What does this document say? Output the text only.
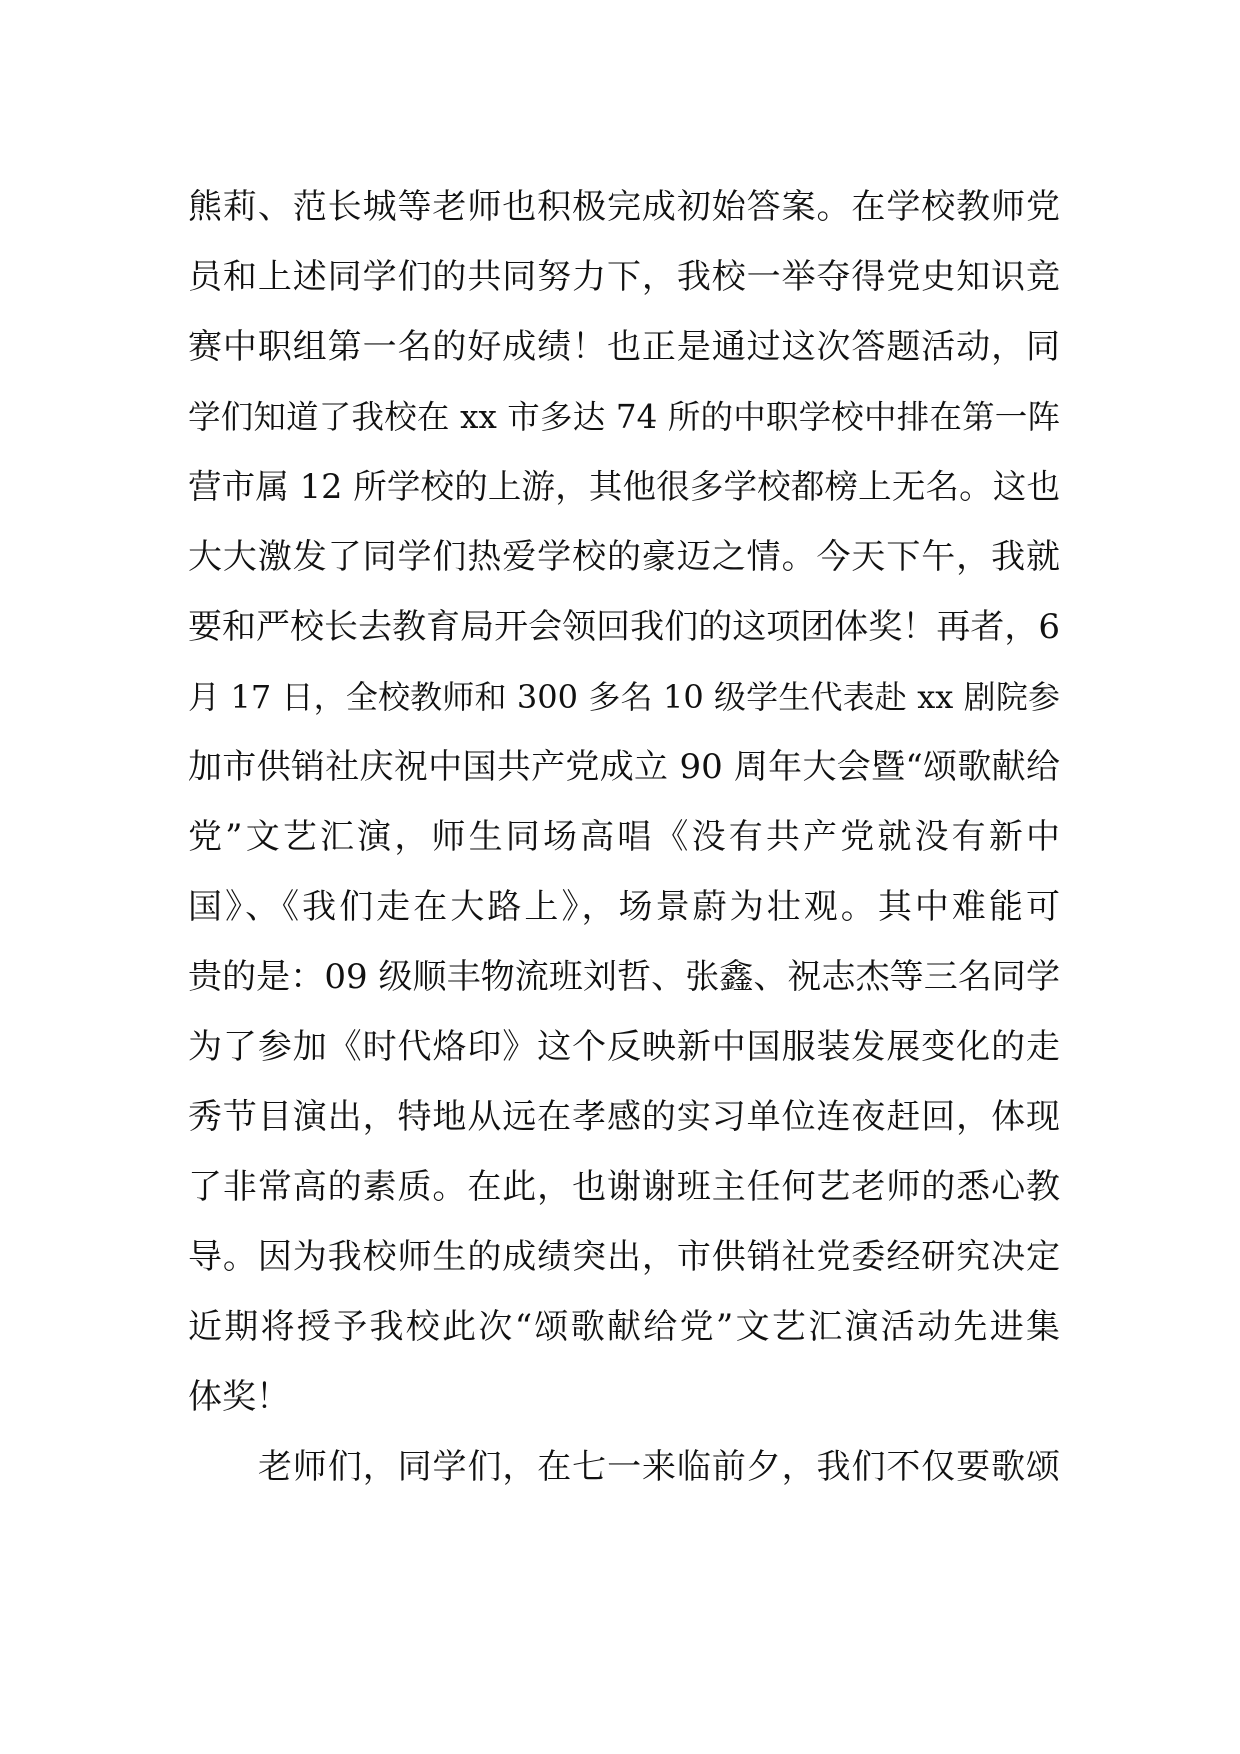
熊莉、范长城等老师也积极完成初始答案。在学校教师党
员和上述同学们的共同努力下，我校一举夺得党史知识竞
赛中职组第一名的好成绩！也正是通过这次答题活动，同
学们知道了我校在 xx 市多达 74 所的中职学校中排在第一阵
营市属 12 所学校的上游，其他很多学校都榜上无名。这也
大大激发了同学们热爱学校的豪迈之情。今天下午，我就
要和严校长去教育局开会领回我们的这项团体奖！再者，6
月 17 日，全校教师和 300 多名 10 级学生代表赴 xx 剧院参
加市供销社庆祝中国共产党成立 90 周年大会暨“颂歌献给
党”文艺汇演，师生同场高唱《没有共产党就没有新中
国》、《我们走在大路上》，场景蔚为壮观。其中难能可
贵的是：09 级顺丰物流班刘哲、张鑫、祝志杰等三名同学
为了参加《时代烙印》这个反映新中国服装发展变化的走
秀节目演出，特地从远在孝感的实习单位连夜赶回，体现
了非常高的素质。在此，也谢谢班主任何艺老师的悉心教
导。因为我校师生的成绩突出，市供销社党委经研究决定
近期将授予我校此次“颂歌献给党”文艺汇演活动先进集
体奖！
老师们，同学们，在七一来临前夕，我们不仅要歌颂
